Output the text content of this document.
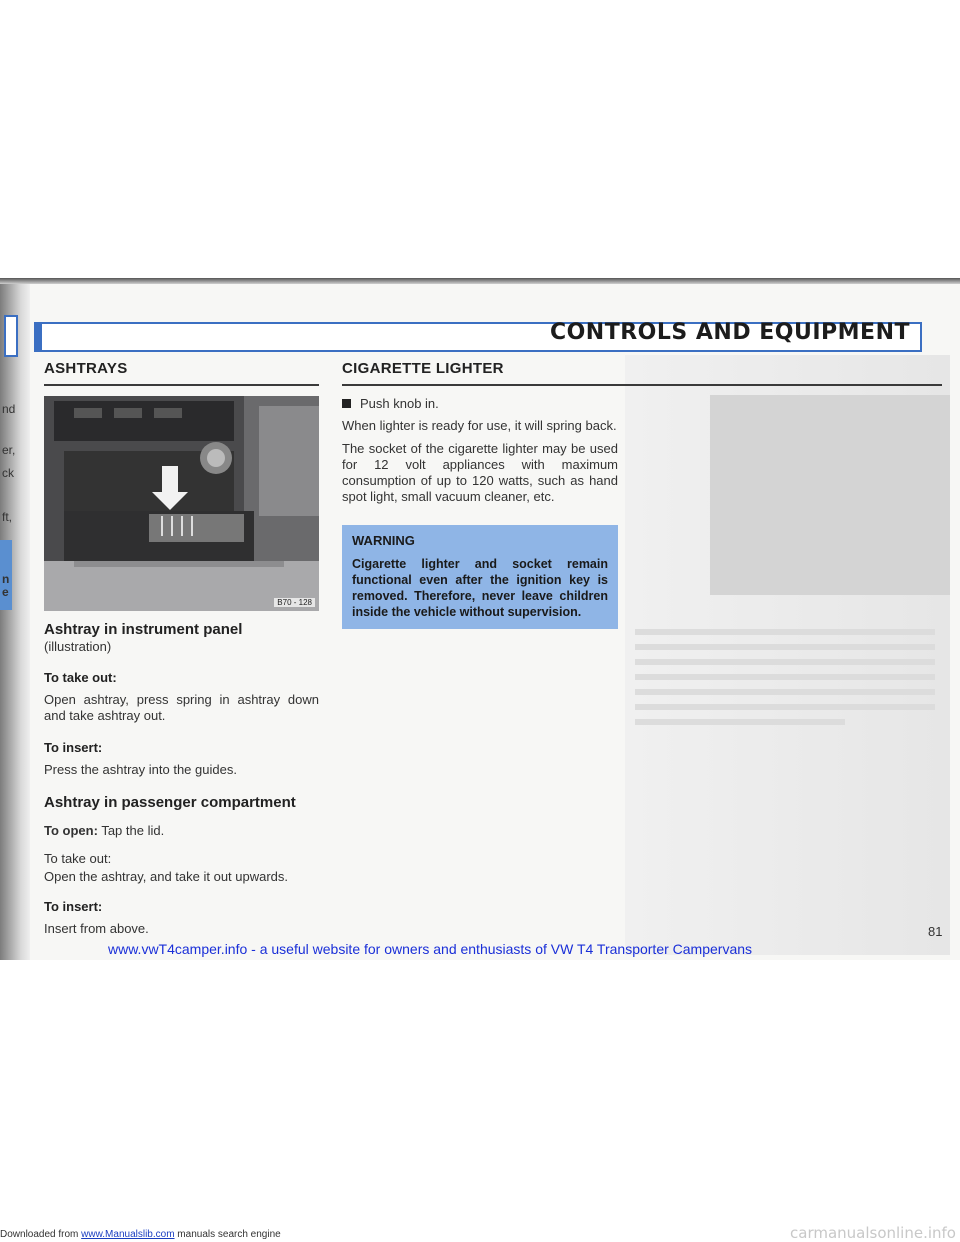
nd
er,
ck
ft,
n
e
CONTROLS AND EQUIPMENT
ASHTRAYS
B70 - 128
Ashtray in instrument panel
(illustration)
To take out:
Open ashtray, press spring in ashtray down and take ashtray out.
To insert:
Press the ashtray into the guides.
Ashtray in passenger compartment
To open: Tap the lid.
To take out:
Open the ashtray, and take it out upwards.
To insert:
Insert from above.
CIGARETTE LIGHTER
Push knob in.
When lighter is ready for use, it will spring back.
The socket of the cigarette lighter may be used for 12 volt appliances with maximum consumption of up to 120 watts, such as hand spot light, small vacuum cleaner, etc.
WARNING
Cigarette lighter and socket remain functional even after the ignition key is removed. Therefore, never leave children inside the vehicle without supervision.
81
www.vwT4camper.info - a useful website for owners and enthusiasts of VW T4 Transporter Campervans
Downloaded from www.Manualslib.com manuals search engine	carmanualsonline.info
